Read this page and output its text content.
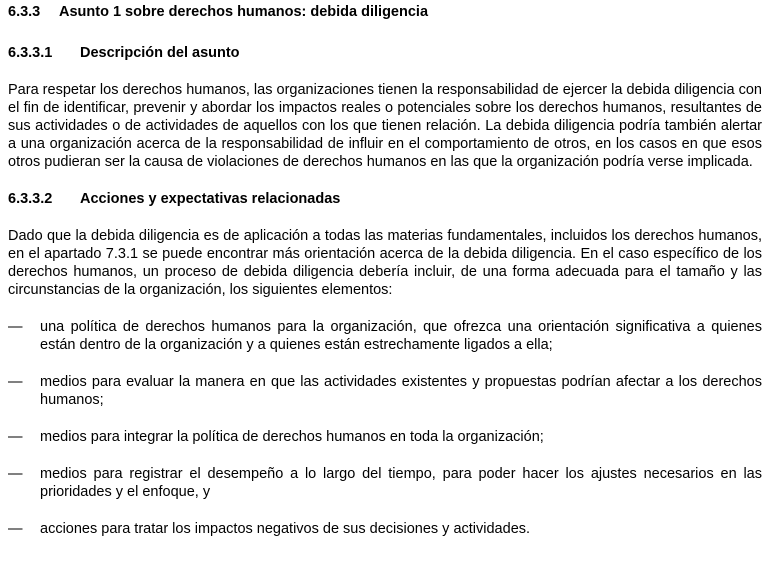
6.3.3	Asunto 1 sobre derechos humanos: debida diligencia
6.3.3.1	Descripción del asunto

Para respetar los derechos humanos, las organizaciones tienen la responsabilidad de ejercer la debida diligencia con el fin de identificar, prevenir y abordar los impactos reales o potenciales sobre los derechos humanos, resultantes de sus actividades o de actividades de aquellos con los que tienen relación. La debida diligencia podría también alertar a una organización acerca de la responsabilidad de influir en el comportamiento de otros, en los casos en que esos otros pudieran ser la causa de violaciones de derechos humanos en las que la organización podría verse implicada.

6.3.3.2	Acciones y expectativas relacionadas

Dado que la debida diligencia es de aplicación a todas las materias fundamentales, incluidos los derechos humanos, en el apartado 7.3.1 se puede encontrar más orientación acerca de la debida diligencia. En el caso específico de los derechos humanos, un proceso de debida diligencia debería incluir, de una forma adecuada para el tamaño y las circunstancias de la organización, los siguientes elementos:

—	una política de derechos humanos para la organización, que ofrezca una orientación significativa a quienes están dentro de la organización y a quienes están estrechamente ligados a ella;
—	medios para evaluar la manera en que las actividades existentes y propuestas podrían afectar a los derechos humanos;
—	medios para integrar la política de derechos humanos en toda la organización;
—	medios para registrar el desempeño a lo largo del tiempo, para poder hacer los ajustes necesarios en las prioridades y el enfoque, y
—	acciones para tratar los impactos negativos de sus decisiones y actividades.
